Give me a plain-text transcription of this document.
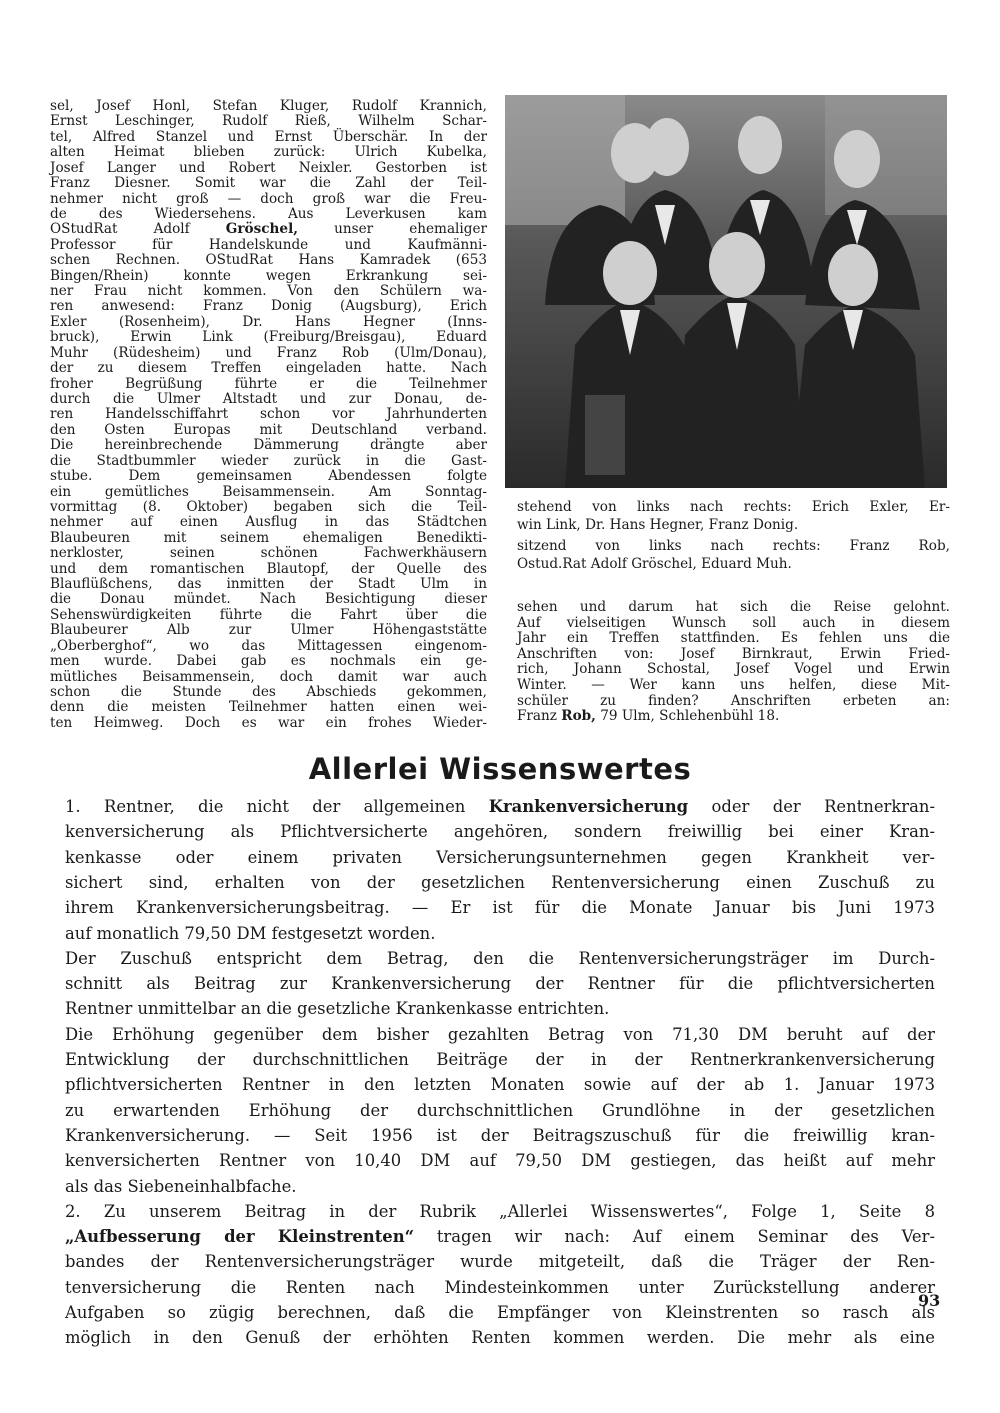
sel, Josef Honl, Stefan Kluger, Rudolf Krannich,
Ernst Leschinger, Rudolf Rieß, Wilhelm Schar-
tel, Alfred Stanzel und Ernst Überschär. In der
alten Heimat blieben zurück: Ulrich Kubelka,
Josef Langer und Robert Neixler. Gestorben ist
Franz Diesner. Somit war die Zahl der Teil-
nehmer nicht groß — doch groß war die Freu-
de des Wiedersehens. Aus Leverkusen kam
OStudRat Adolf Gröschel, unser ehemaliger
Professor für Handelskunde und Kaufmänni-
schen Rechnen. OStudRat Hans Kamradek (653
Bingen/Rhein) konnte wegen Erkrankung sei-
ner Frau nicht kommen. Von den Schülern wa-
ren anwesend: Franz Donig (Augsburg), Erich
Exler (Rosenheim), Dr. Hans Hegner (Inns-
bruck), Erwin Link (Freiburg/Breisgau), Eduard
Muhr (Rüdesheim) und Franz Rob (Ulm/Donau),
der zu diesem Treffen eingeladen hatte. Nach
froher Begrüßung führte er die Teilnehmer
durch die Ulmer Altstadt und zur Donau, de-
ren Handelsschiffahrt schon vor Jahrhunderten
den Osten Europas mit Deutschland verband.
Die hereinbrechende Dämmerung drängte aber
die Stadtbummler wieder zurück in die Gast-
stube. Dem gemeinsamen Abendessen folgte
ein gemütliches Beisammensein. Am Sonntag-
vormittag (8. Oktober) begaben sich die Teil-
nehmer auf einen Ausflug in das Städtchen
Blaubeuren mit seinem ehemaligen Benedikti-
nerkloster, seinen schönen Fachwerkhäusern
und dem romantischen Blautopf, der Quelle des
Blauflüßchens, das inmitten der Stadt Ulm in
die Donau mündet. Nach Besichtigung dieser
Sehenswürdigkeiten führte die Fahrt über die
Blaubeurer Alb zur Ulmer Höhengaststätte
„Oberberghof“, wo das Mittagessen eingenom-
men wurde. Dabei gab es nochmals ein ge-
mütliches Beisammensein, doch damit war auch
schon die Stunde des Abschieds gekommen,
denn die meisten Teilnehmer hatten einen wei-
ten Heimweg. Doch es war ein frohes Wieder-
stehend von links nach rechts: Erich Exler, Er-
win Link, Dr. Hans Hegner, Franz Donig.
sitzend von links nach rechts: Franz Rob,
Ostud.Rat Adolf Gröschel, Eduard Muh.
sehen und darum hat sich die Reise gelohnt.
Auf vielseitigen Wunsch soll auch in diesem
Jahr ein Treffen stattfinden. Es fehlen uns die
Anschriften von: Josef Birnkraut, Erwin Fried-
rich, Johann Schostal, Josef Vogel und Erwin
Winter. — Wer kann uns helfen, diese Mit-
schüler zu finden? Anschriften erbeten an:
Franz Rob, 79 Ulm, Schlehenbühl 18.
Allerlei Wissenswertes
1. Rentner, die nicht der allgemeinen Krankenversicherung oder der Rentnerkran-
kenversicherung als Pflichtversicherte angehören, sondern freiwillig bei einer Kran-
kenkasse oder einem privaten Versicherungsunternehmen gegen Krankheit ver-
sichert sind, erhalten von der gesetzlichen Rentenversicherung einen Zuschuß zu
ihrem Krankenversicherungsbeitrag. — Er ist für die Monate Januar bis Juni 1973
auf monatlich 79,50 DM festgesetzt worden.
Der Zuschuß entspricht dem Betrag, den die Rentenversicherungsträger im Durch-
schnitt als Beitrag zur Krankenversicherung der Rentner für die pflichtversicherten
Rentner unmittelbar an die gesetzliche Krankenkasse entrichten.
Die Erhöhung gegenüber dem bisher gezahlten Betrag von 71,30 DM beruht auf der
Entwicklung der durchschnittlichen Beiträge der in der Rentnerkrankenversicherung
pflichtversicherten Rentner in den letzten Monaten sowie auf der ab 1. Januar 1973
zu erwartenden Erhöhung der durchschnittlichen Grundlöhne in der gesetzlichen
Krankenversicherung. — Seit 1956 ist der Beitragszuschuß für die freiwillig kran-
kenversicherten Rentner von 10,40 DM auf 79,50 DM gestiegen, das heißt auf mehr
als das Siebeneinhalbfache.
2. Zu unserem Beitrag in der Rubrik „Allerlei Wissenswertes“, Folge 1, Seite 8
„Aufbesserung der Kleinstrenten“ tragen wir nach: Auf einem Seminar des Ver-
bandes der Rentenversicherungsträger wurde mitgeteilt, daß die Träger der Ren-
tenversicherung die Renten nach Mindesteinkommen unter Zurückstellung anderer
Aufgaben so zügig berechnen, daß die Empfänger von Kleinstrenten so rasch als
möglich in den Genuß der erhöhten Renten kommen werden. Die mehr als eine
93
